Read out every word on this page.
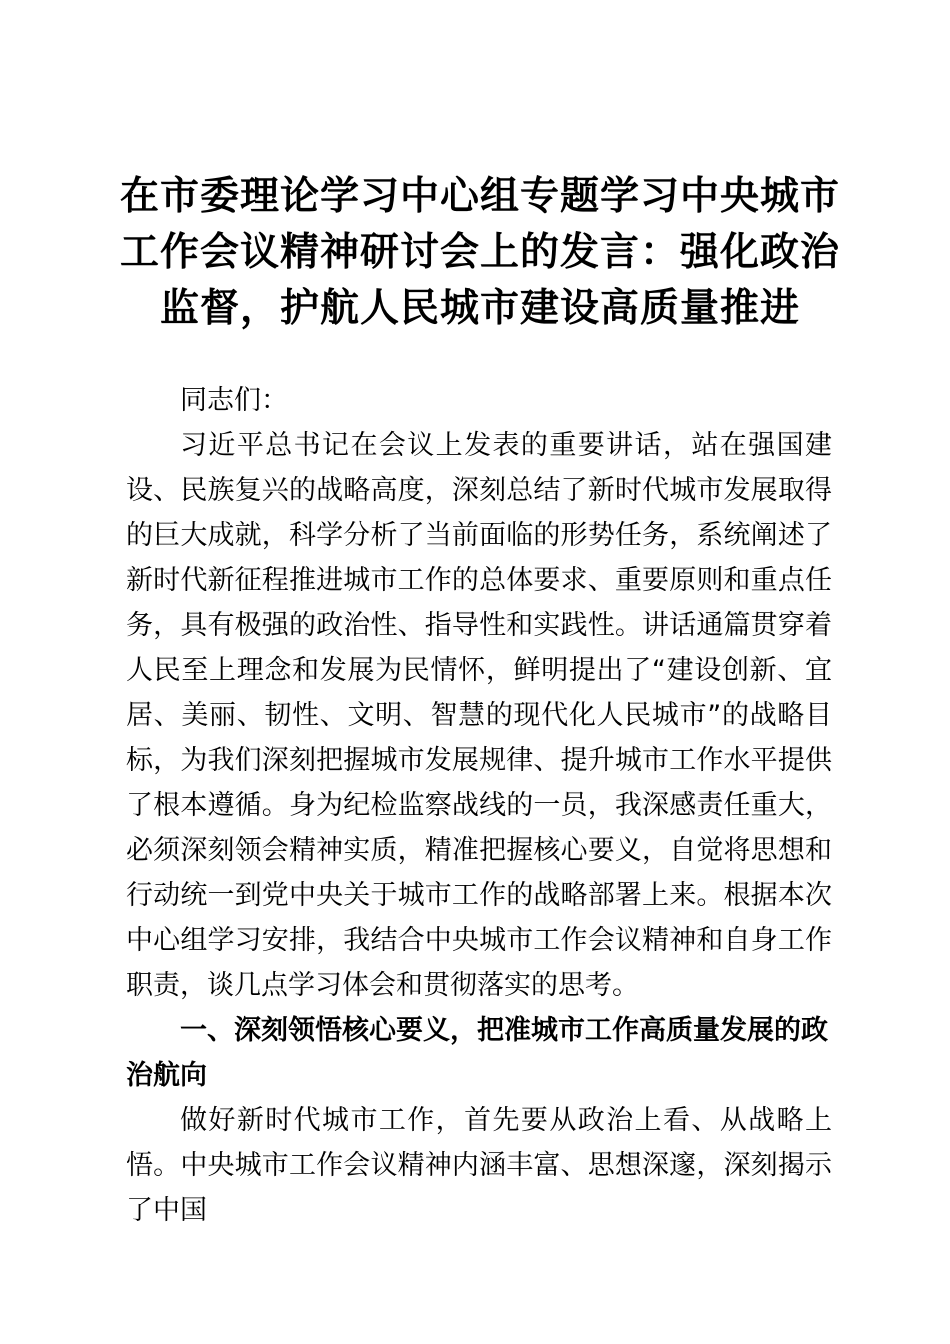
在市委理论学习中心组专题学习中央城市工作会议精神研讨会上的发言：强化政治监督，护航人民城市建设高质量推进

同志们：

习近平总书记在会议上发表的重要讲话，站在强国建设、民族复兴的战略高度，深刻总结了新时代城市发展取得的巨大成就，科学分析了当前面临的形势任务，系统阐述了新时代新征程推进城市工作的总体要求、重要原则和重点任务，具有极强的政治性、指导性和实践性。讲话通篇贯穿着人民至上理念和发展为民情怀，鲜明提出了“建设创新、宜居、美丽、韧性、文明、智慧的现代化人民城市”的战略目标，为我们深刻把握城市发展规律、提升城市工作水平提供了根本遵循。身为纪检监察战线的一员，我深感责任重大，必须深刻领会精神实质，精准把握核心要义，自觉将思想和行动统一到党中央关于城市工作的战略部署上来。根据本次中心组学习安排，我结合中央城市工作会议精神和自身工作职责，谈几点学习体会和贯彻落实的思考。

一、深刻领悟核心要义，把准城市工作高质量发展的政治航向

做好新时代城市工作，首先要从政治上看、从战略上悟。中央城市工作会议精神内涵丰富、思想深邃，深刻揭示了中国
